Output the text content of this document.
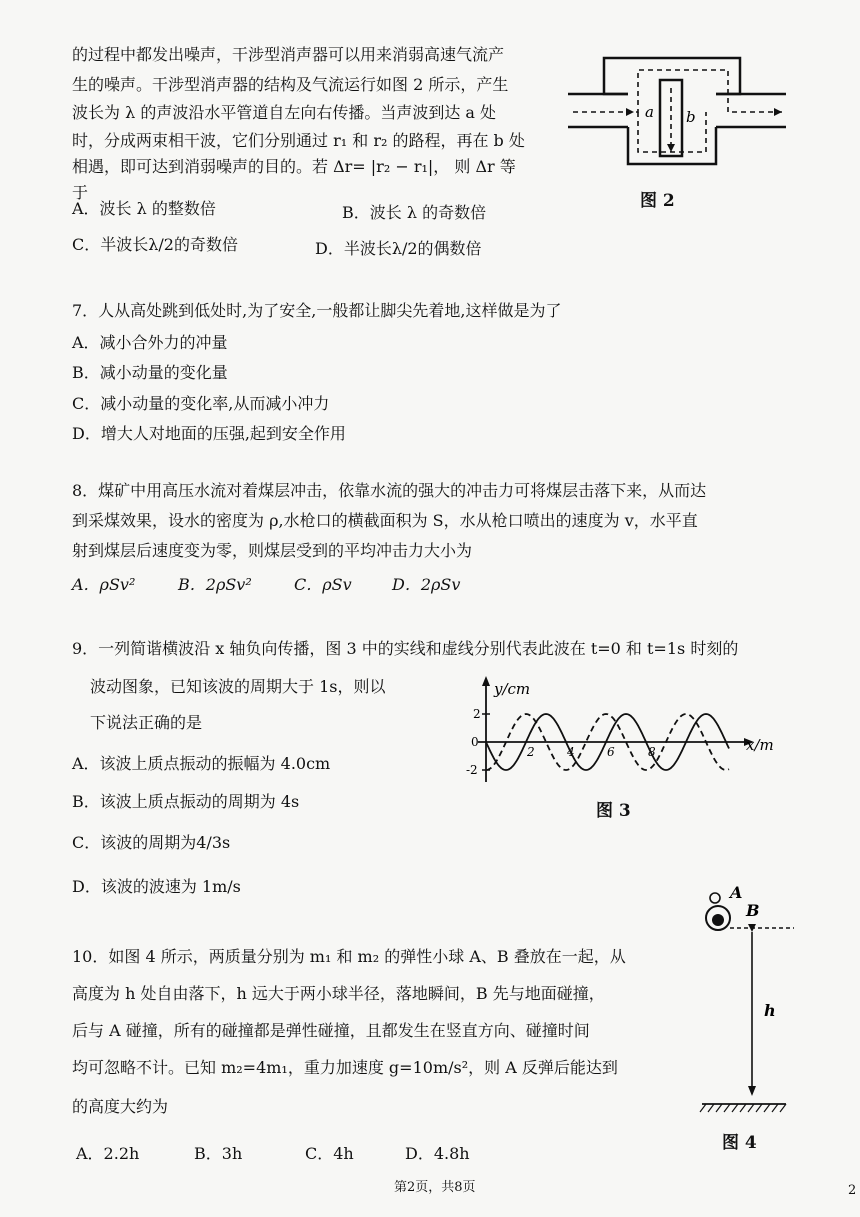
的过程中都发出噪声，干涉型消声器可以用来消弱高速气流产
生的噪声。干涉型消声器的结构及气流运行如图 2 所示，产生
波长为 λ 的声波沿水平管道自左向右传播。当声波到达 a 处
时，分成两束相干波，它们分别通过 r₁ 和 r₂ 的路程，再在 b 处
相遇，即可达到消弱噪声的目的。若 Δr= |r₂ − r₁|， 则 Δr 等
于
A．波长 λ 的整数倍	B．波长 λ 的奇数倍
C．半波长λ/2的奇数倍	D．半波长λ/2的偶数倍
a b
图 2
7．人从高处跳到低处时,为了安全,一般都让脚尖先着地,这样做是为了
A．减小合外力的冲量
B．减小动量的变化量
C．减小动量的变化率,从而减小冲力
D．增大人对地面的压强,起到安全作用
8．煤矿中用高压水流对着煤层冲击，依靠水流的强大的冲击力可将煤层击落下来，从而达
到采煤效果，设水的密度为 ρ,水枪口的横截面积为 S，水从枪口喷出的速度为 v，水平直
射到煤层后速度变为零，则煤层受到的平均冲击力大小为
A．ρSv²	B．2ρSv²	C．ρSv	D．2ρSv
9．一列简谐横波沿 x 轴负向传播，图 3 中的实线和虚线分别代表此波在 t=0 和 t=1s 时刻的
波动图象，已知该波的周期大于 1s，则以
下说法正确的是
A．该波上质点振动的振幅为 4.0cm
B．该波上质点振动的周期为 4s
C．该波的周期为4/3s
D．该波的波速为 1m/s
y/cm
x/m
2
0
-2
2	4	6	8
图 3
A
B
h
图 4
10．如图 4 所示，两质量分别为 m₁ 和 m₂ 的弹性小球 A、B 叠放在一起，从
高度为 h 处自由落下，h 远大于两小球半径，落地瞬间，B 先与地面碰撞，
后与 A 碰撞，所有的碰撞都是弹性碰撞，且都发生在竖直方向、碰撞时间
均可忽略不计。已知 m₂=4m₁，重力加速度 g=10m/s²，则 A 反弹后能达到
的高度大约为
A．2.2h	B．3h	C．4h	D．4.8h
第2页，共8页	2
